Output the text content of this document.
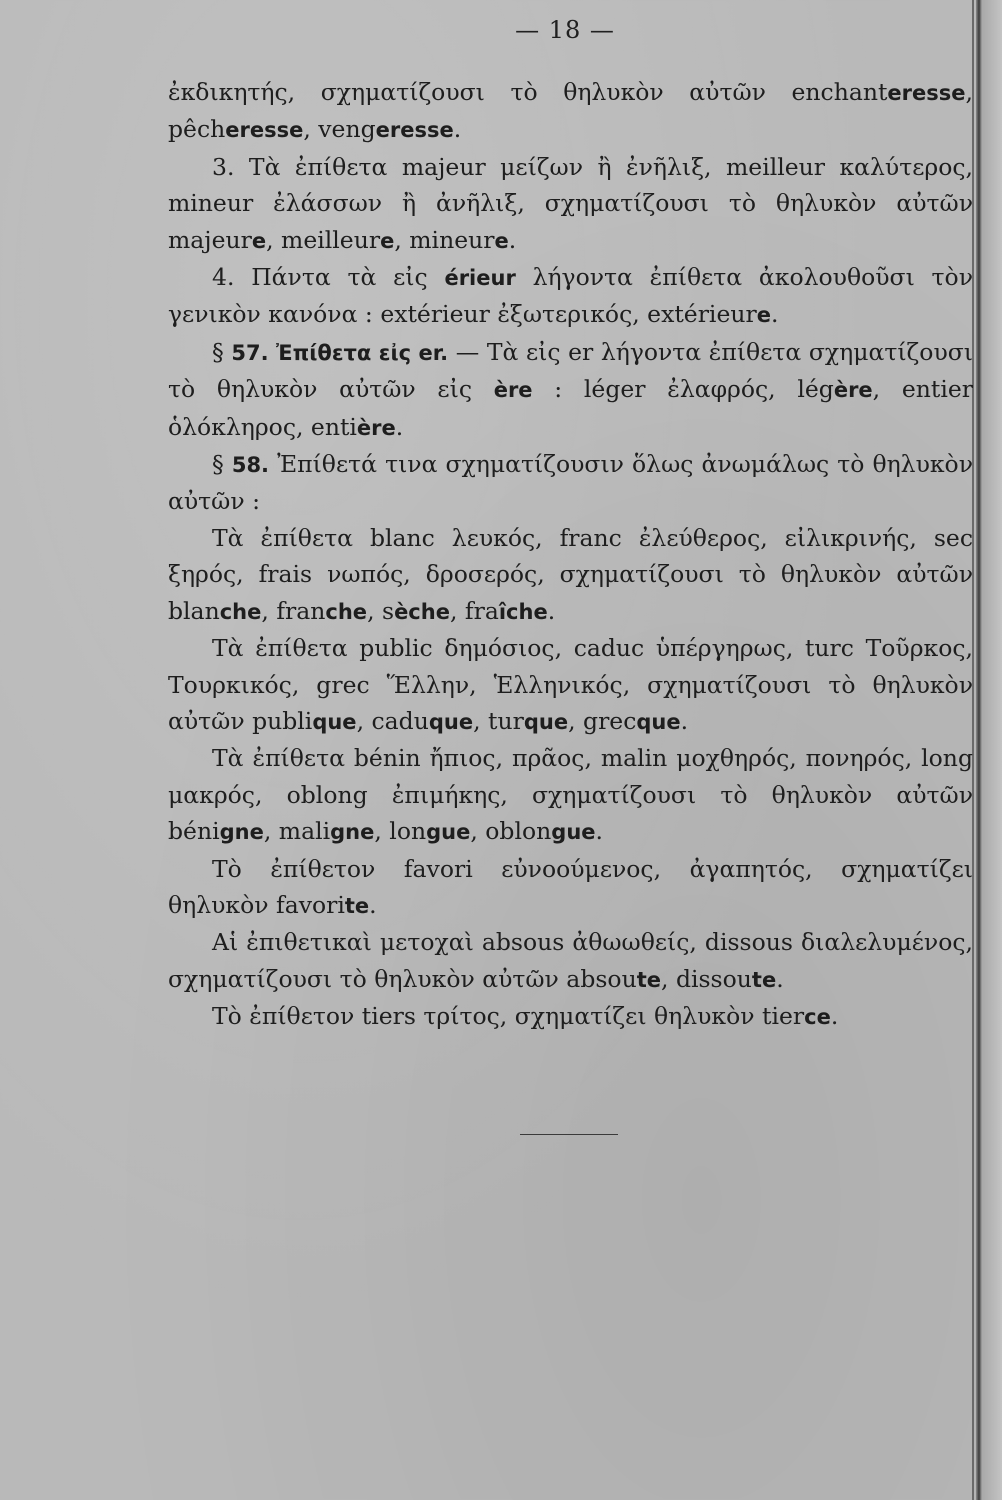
— 18 —

ἐκδικητής, σχηματίζουσι τὸ θηλυκὸν αὐτῶν enchanteresse, pêcheresse, vengeresse.

3. Τὰ ἐπίθετα majeur μείζων ἢ ἐνῆλιξ, meilleur καλύτερος, mineur ἐλάσσων ἢ ἀνῆλιξ, σχηματίζουσι τὸ θηλυκὸν αὐτῶν majeure, meilleure, mineure.

4. Πάντα τὰ εἰς érieur λήγοντα ἐπίθετα ἀκολουθοῦσι τὸν γενικὸν κανόνα : extérieur ἐξωτερικός, extérieure.

§ 57. Ἐπίθετα εἰς er. — Τὰ εἰς er λήγοντα ἐπίθετα σχηματίζουσι τὸ θηλυκὸν αὐτῶν εἰς ère : léger ἐλαφρός, légère, entier ὁλόκληρος, entière.

§ 58. Ἐπίθετά τινα σχηματίζουσιν ὅλως ἀνωμάλως τὸ θηλυκὸν αὐτῶν :

Τὰ ἐπίθετα blanc λευκός, franc ἐλεύθερος, εἰλικρινής, sec ξηρός, frais νωπός, δροσερός, σχηματίζουσι τὸ θηλυκὸν αὐτῶν blanche, franche, sèche, fraîche.

Τὰ ἐπίθετα public δημόσιος, caduc ὑπέργηρως, turc Τοῦρκος, Τουρκικός, grec Ἕλλην, Ἑλληνικός, σχηματίζουσι τὸ θηλυκὸν αὐτῶν publique, caduque, turque, grecque.

Τὰ ἐπίθετα bénin ἤπιος, πρᾶος, malin μοχθηρός, πονηρός, long μακρός, oblong ἐπιμήκης, σχηματίζουσι τὸ θηλυκὸν αὐτῶν bénigne, maligne, longue, oblongue.

Τὸ ἐπίθετον favori εὐνοούμενος, ἀγαπητός, σχηματίζει θηλυκὸν favorite.

Αἱ ἐπιθετικαὶ μετοχαὶ absous ἀθωωθείς, dissous διαλελυμένος, σχηματίζουσι τὸ θηλυκὸν αὐτῶν absoute, dissoute.

Τὸ ἐπίθετον tiers τρίτος, σχηματίζει θηλυκὸν tierce.
